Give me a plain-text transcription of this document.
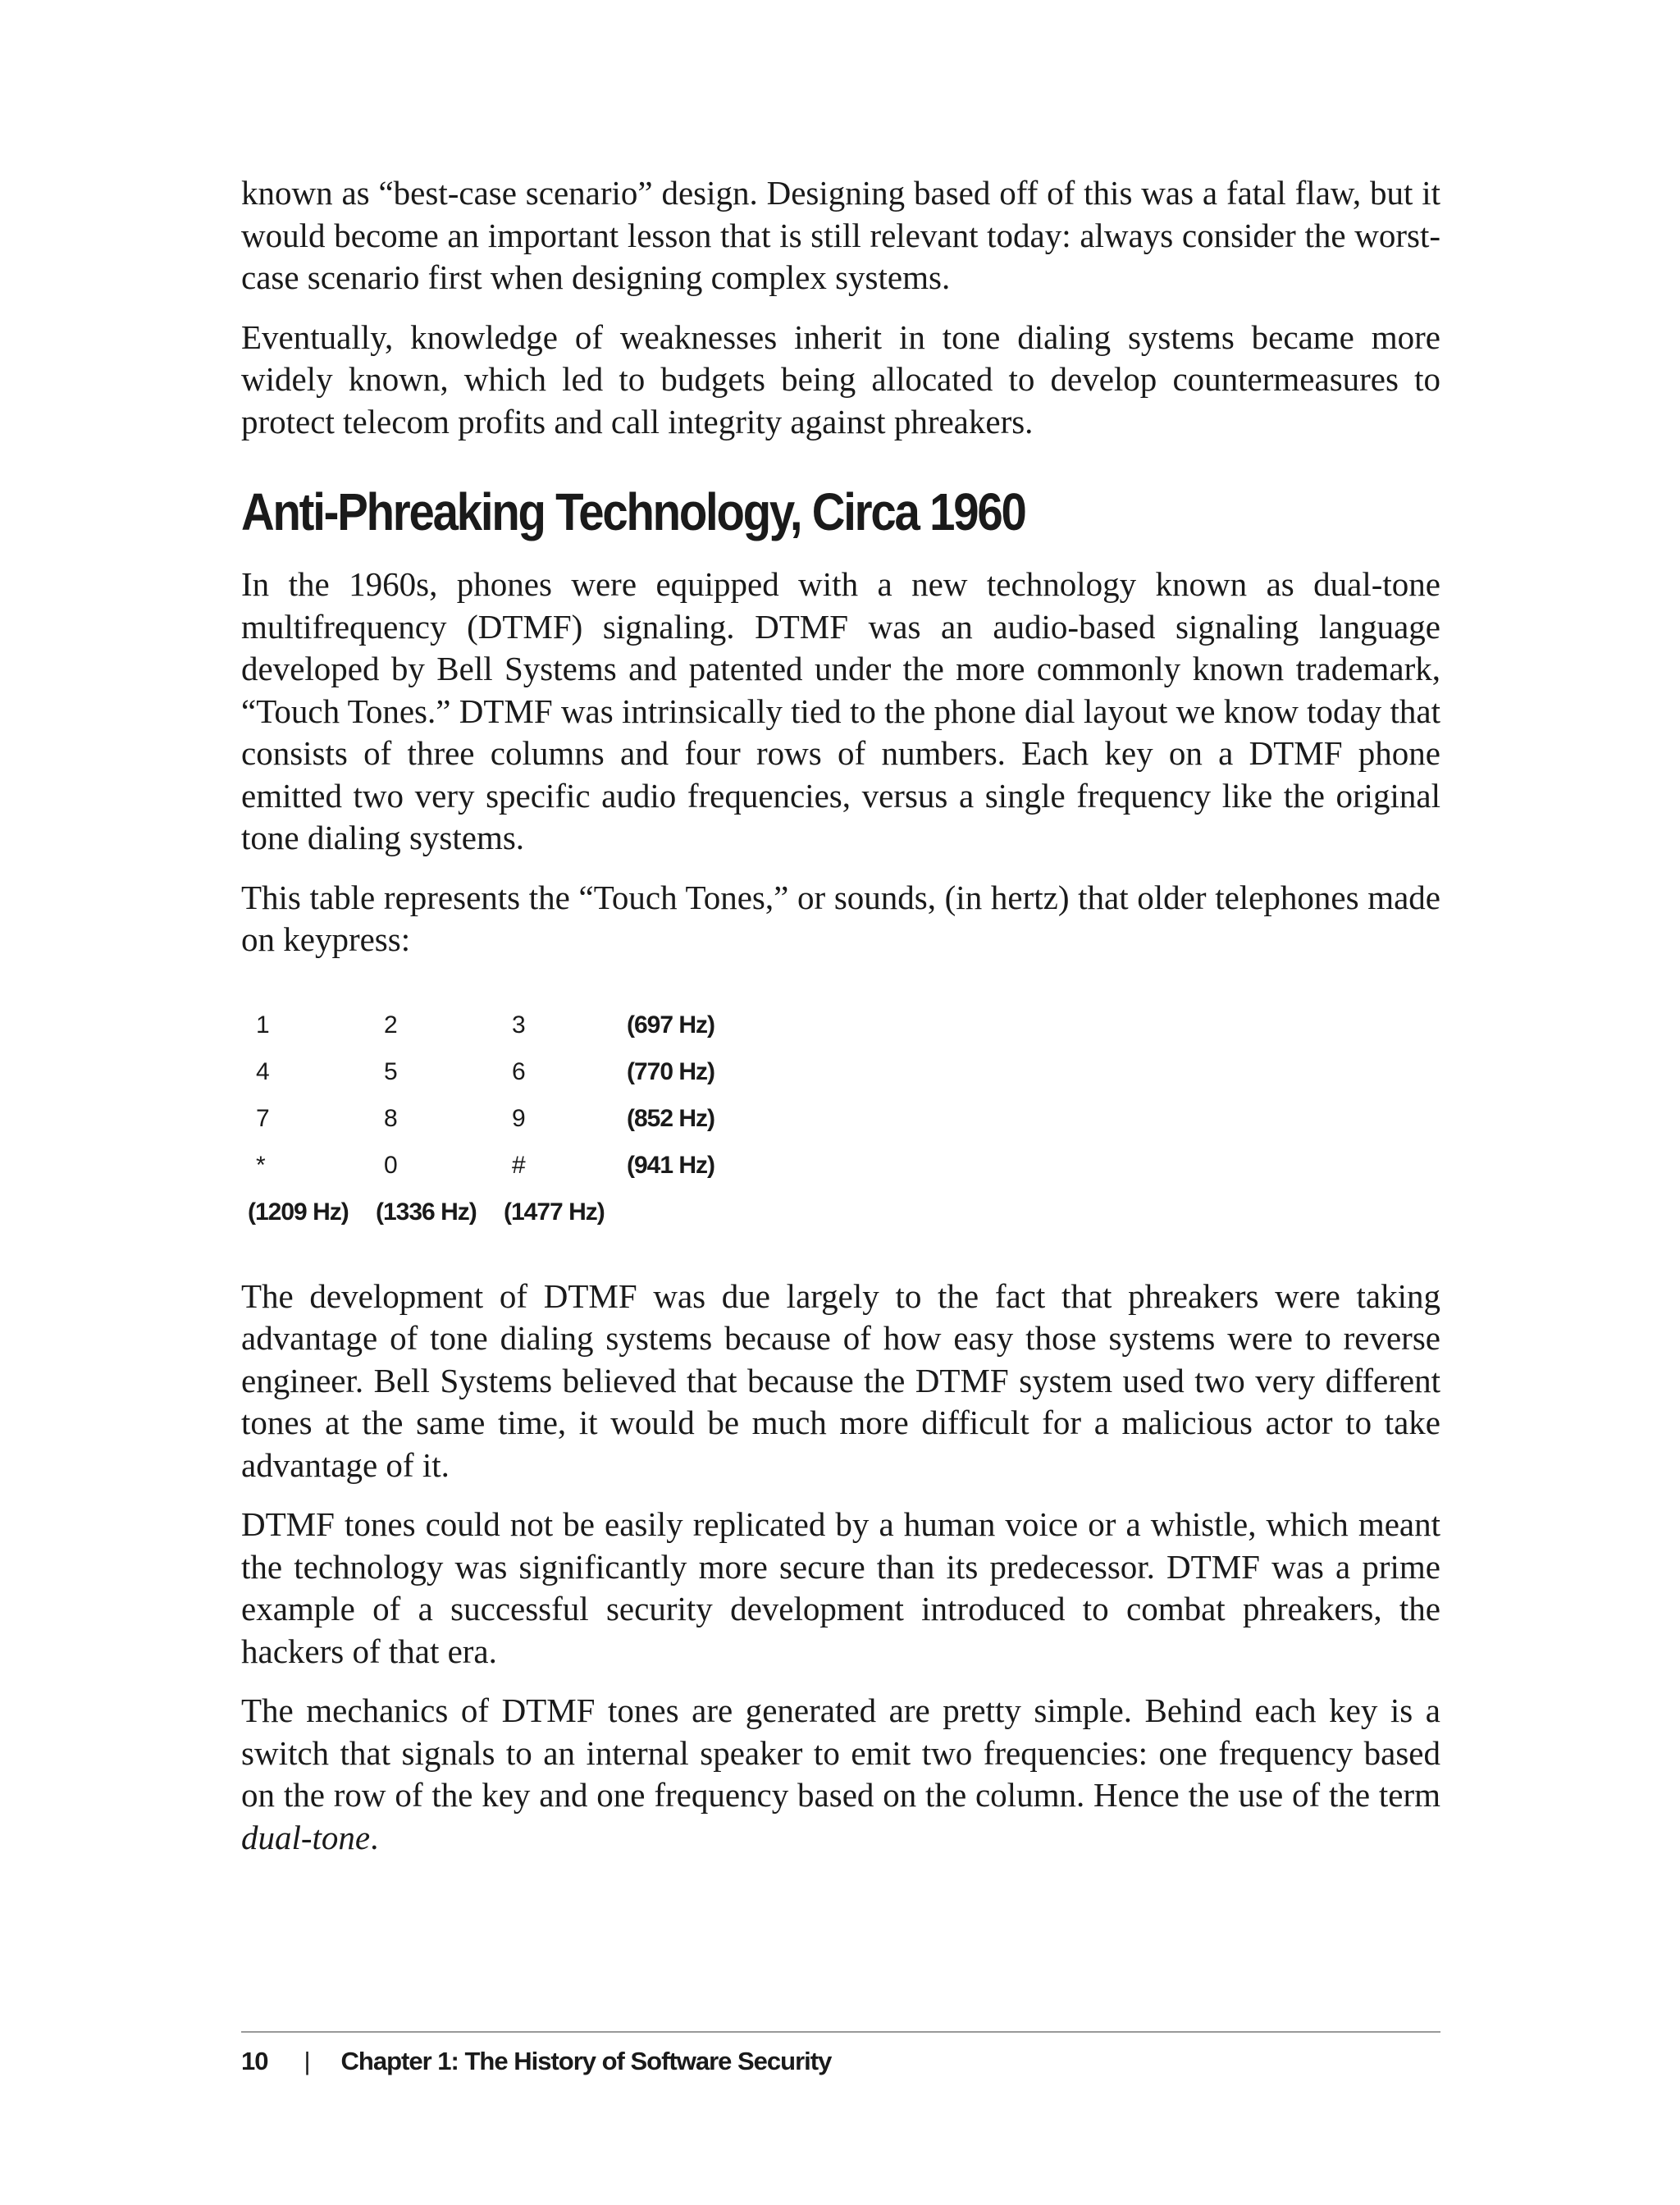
known as “best-case scenario” design. Designing based off of this was a fatal flaw, but it would become an important lesson that is still relevant today: always consider the worst-case scenario first when designing complex systems.

Eventually, knowledge of weaknesses inherit in tone dialing systems became more widely known, which led to budgets being allocated to develop countermeasures to protect telecom profits and call integrity against phreakers.

Anti-Phreaking Technology, Circa 1960

In the 1960s, phones were equipped with a new technology known as dual-tone multifrequency (DTMF) signaling. DTMF was an audio-based signaling language developed by Bell Systems and patented under the more commonly known trademark, “Touch Tones.” DTMF was intrinsically tied to the phone dial layout we know today that consists of three columns and four rows of numbers. Each key on a DTMF phone emitted two very specific audio frequencies, versus a single frequency like the original tone dialing systems.

This table represents the “Touch Tones,” or sounds, (in hertz) that older telephones made on keypress:

1	2	3	(697 Hz)
4	5	6	(770 Hz)
7	8	9	(852 Hz)
*	0	#	(941 Hz)
(1209 Hz)	(1336 Hz)	(1477 Hz)	

The development of DTMF was due largely to the fact that phreakers were taking advantage of tone dialing systems because of how easy those systems were to reverse engineer. Bell Systems believed that because the DTMF system used two very different tones at the same time, it would be much more difficult for a malicious actor to take advantage of it.

DTMF tones could not be easily replicated by a human voice or a whistle, which meant the technology was significantly more secure than its predecessor. DTMF was a prime example of a successful security development introduced to combat phreakers, the hackers of that era.

The mechanics of DTMF tones are generated are pretty simple. Behind each key is a switch that signals to an internal speaker to emit two frequencies: one frequency based on the row of the key and one frequency based on the column. Hence the use of the term dual-tone.

10 | Chapter 1: The History of Software Security
